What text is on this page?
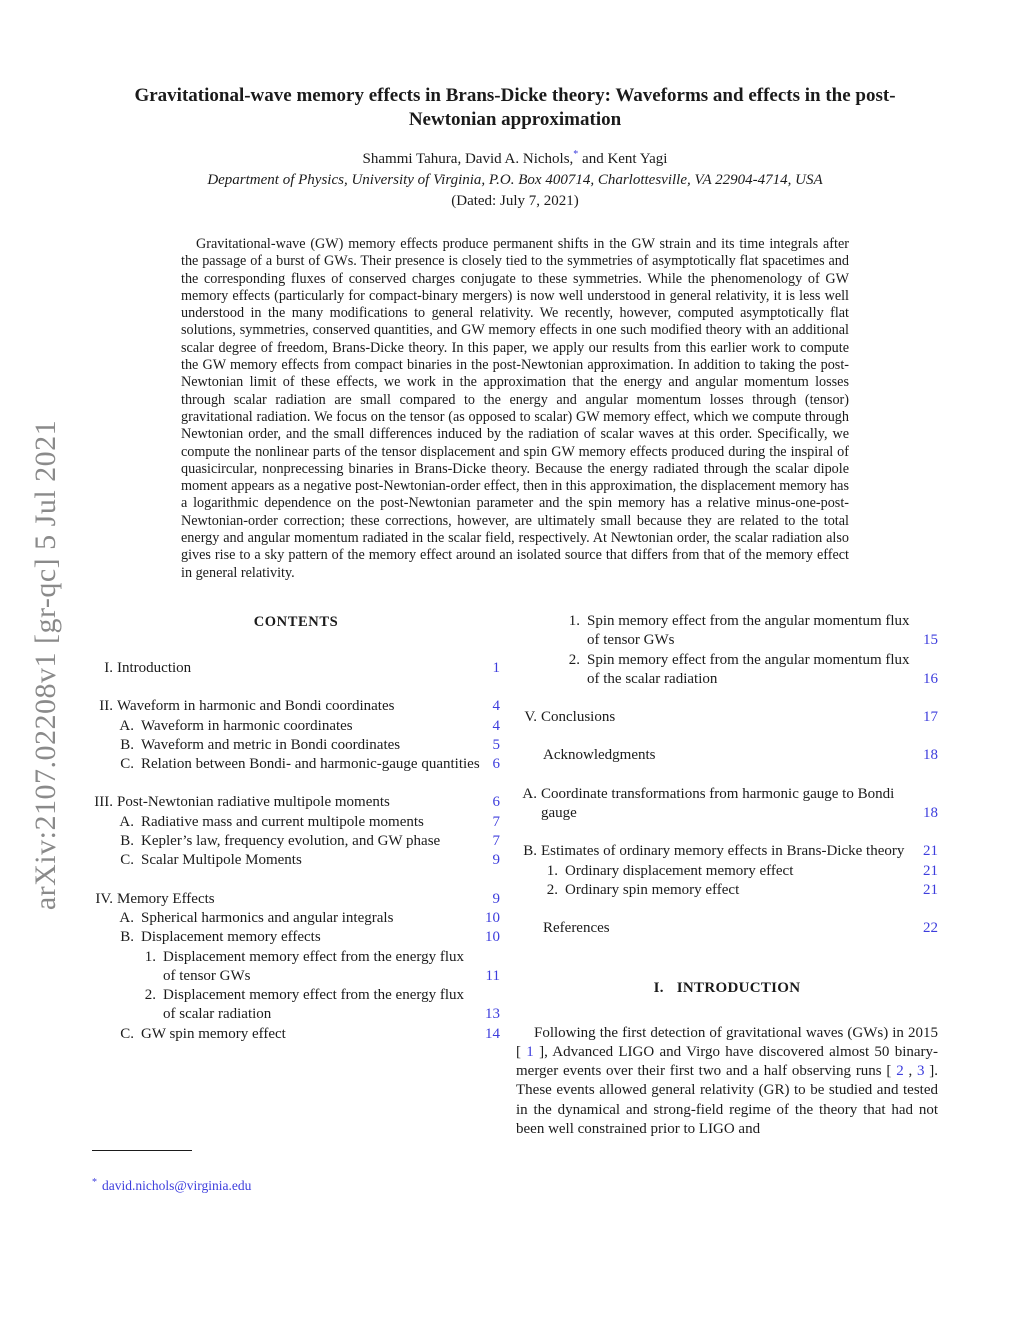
arXiv:2107.02208v1 [gr-qc] 5 Jul 2021
Gravitational-wave memory effects in Brans-Dicke theory: Waveforms and effects in the post-Newtonian approximation
Shammi Tahura, David A. Nichols,* and Kent Yagi
Department of Physics, University of Virginia, P.O. Box 400714, Charlottesville, VA 22904-4714, USA
(Dated: July 7, 2021)
Gravitational-wave (GW) memory effects produce permanent shifts in the GW strain and its time integrals after the passage of a burst of GWs. Their presence is closely tied to the symmetries of asymptotically flat spacetimes and the corresponding fluxes of conserved charges conjugate to these symmetries. While the phenomenology of GW memory effects (particularly for compact-binary mergers) is now well understood in general relativity, it is less well understood in the many modifications to general relativity. We recently, however, computed asymptotically flat solutions, symmetries, conserved quantities, and GW memory effects in one such modified theory with an additional scalar degree of freedom, Brans-Dicke theory. In this paper, we apply our results from this earlier work to compute the GW memory effects from compact binaries in the post-Newtonian approximation. In addition to taking the post-Newtonian limit of these effects, we work in the approximation that the energy and angular momentum losses through scalar radiation are small compared to the energy and angular momentum losses through (tensor) gravitational radiation. We focus on the tensor (as opposed to scalar) GW memory effect, which we compute through Newtonian order, and the small differences induced by the radiation of scalar waves at this order. Specifically, we compute the nonlinear parts of the tensor displacement and spin GW memory effects produced during the inspiral of quasicircular, nonprecessing binaries in Brans-Dicke theory. Because the energy radiated through the scalar dipole moment appears as a negative post-Newtonian-order effect, then in this approximation, the displacement memory has a logarithmic dependence on the post-Newtonian parameter and the spin memory has a relative minus-one-post-Newtonian-order correction; these corrections, however, are ultimately small because they are related to the total energy and angular momentum radiated in the scalar field, respectively. At Newtonian order, the scalar radiation also gives rise to a sky pattern of the memory effect around an isolated source that differs from that of the memory effect in general relativity.
CONTENTS
I. Introduction	1
II. Waveform in harmonic and Bondi coordinates	4
A. Waveform in harmonic coordinates	4
B. Waveform and metric in Bondi coordinates	5
C. Relation between Bondi- and harmonic-gauge quantities 6
III. Post-Newtonian radiative multipole moments	6
A. Radiative mass and current multipole moments	7
B. Kepler’s law, frequency evolution, and GW phase	7
C. Scalar Multipole Moments	9
IV. Memory Effects	9
A. Spherical harmonics and angular integrals	10
B. Displacement memory effects	10
1. Displacement memory effect from the energy flux of tensor GWs	11
2. Displacement memory effect from the energy flux of scalar radiation	13
C. GW spin memory effect	14
1. Spin memory effect from the angular momentum flux of tensor GWs	15
2. Spin memory effect from the angular momentum flux of the scalar radiation	16
V. Conclusions	17
Acknowledgments	18
A. Coordinate transformations from harmonic gauge to Bondi gauge	18
B. Estimates of ordinary memory effects in Brans-Dicke theory	21
1. Ordinary displacement memory effect	21
2. Ordinary spin memory effect	21
References	22
I. INTRODUCTION
Following the first detection of gravitational waves (GWs) in 2015 [ 1 ], Advanced LIGO and Virgo have discovered almost 50 binary-merger events over their first two and a half observing runs [ 2 , 3 ]. These events allowed general relativity (GR) to be studied and tested in the dynamical and strong-field regime of the theory that had not been well constrained prior to LIGO and
* david.nichols@virginia.edu
